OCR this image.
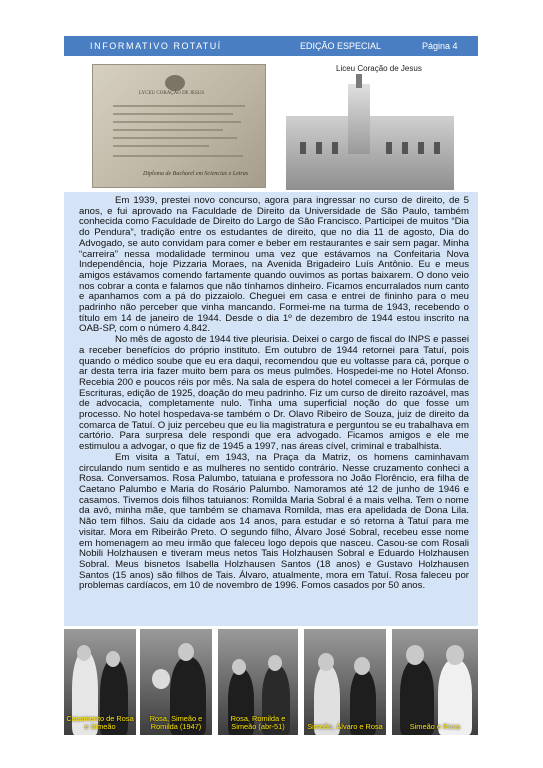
INFORMATIVO ROTATUÍ	EDIÇÃO ESPECIAL	Página 4
LYCEU CORAÇÃO DE JESUS
Diploma de Bacharel em Sciencias e Letras
Liceu Coração de Jesus

Em 1939, prestei novo concurso, agora para ingressar no curso de direito, de 5 anos, e fui aprovado na Faculdade de Direito da Universidade de São Paulo, também conhecida como Faculdade de Direito do Largo de São Francisco. Participei de muitos “Dia do Pendura”, tradição entre os estudantes de direito, que no dia 11 de agosto, Dia do Advogado, se auto convidam para comer e beber em restaurantes e sair sem pagar. Minha “carreira” nessa modalidade terminou uma vez que estávamos na Confeitaria Nova Independência, hoje Pizzaria Moraes, na Avenida Brigadeiro Luís Antônio. Eu e meus amigos estávamos comendo fartamente quando ouvimos as portas baixarem. O dono veio nos cobrar a conta e falamos que não tínhamos dinheiro. Ficamos encurralados num canto e apanhamos com a pá do pizzaiolo. Cheguei em casa e entrei de fininho para o meu padrinho não perceber que vinha mancando. Formei-me na turma de 1943, recebendo o título em 14 de janeiro de 1944. Desde o dia 1º de dezembro de 1944 estou inscrito na OAB-SP, com o número 4.842.

No mês de agosto de 1944 tive pleurisia. Deixei o cargo de fiscal do INPS e passei a receber benefícios do próprio instituto. Em outubro de 1944 retornei para Tatuí, pois quando o médico soube que eu era daqui, recomendou que eu voltasse para cá, porque o ar desta terra iria fazer muito bem para os meus pulmões. Hospedei-me no Hotel Afonso. Recebia 200 e poucos réis por mês. Na sala de espera do hotel comecei a ler Fórmulas de Escrituras, edição de 1925, doação do meu padrinho. Fiz um curso de direito razoável, mas de advocacia, completamente nulo. Tinha uma superficial noção do que fosse um processo. No hotel hospedava-se também o Dr. Olavo Ribeiro de Souza, juiz de direito da comarca de Tatuí. O juiz percebeu que eu lia magistratura e perguntou se eu trabalhava em cartório. Para surpresa dele respondi que era advogado. Ficamos amigos e ele me estimulou a advogar, o que fiz de 1945 a 1997, nas áreas cível, criminal e trabalhista.

Em visita a Tatuí, em 1943, na Praça da Matriz, os homens caminhavam circulando num sentido e as mulheres no sentido contrário. Nesse cruzamento conheci a Rosa. Conversamos. Rosa Palumbo, tatuiana e professora no João Florêncio, era filha de Caetano Palumbo e Maria do Rosário Palumbo. Namoramos até 12 de junho de 1946 e casamos. Tivemos dois filhos tatuianos: Romilda Maria Sobral é a mais velha. Tem o nome da avó, minha mãe, que também se chamava Romilda, mas era apelidada de Dona Lila. Não tem filhos. Saiu da cidade aos 14 anos, para estudar e só retorna à Tatuí para me visitar. Mora em Ribeirão Preto. O segundo filho, Álvaro José Sobral, recebeu esse nome em homenagem ao meu irmão que faleceu logo depois que nasceu. Casou-se com Rosali Nobili Holzhausen e tiveram meus netos Tais Holzhausen Sobral e Eduardo Holzhausen Sobral. Meus bisnetos Isabella Holzhausen Santos (18 anos) e Gustavo Holzhausen Santos (15 anos) são filhos de Tais. Álvaro, atualmente, mora em Tatuí. Rosa faleceu por problemas cardíacos, em 10 de novembro de 1996. Fomos casados por 50 anos.

Casamento de Rosa e Simeão
Rosa, Simeão e Romilda (1947)
Rosa, Romilda e Simeão (abr-51)	Simeão, Álvaro e Rosa	Simeão e Rosa
